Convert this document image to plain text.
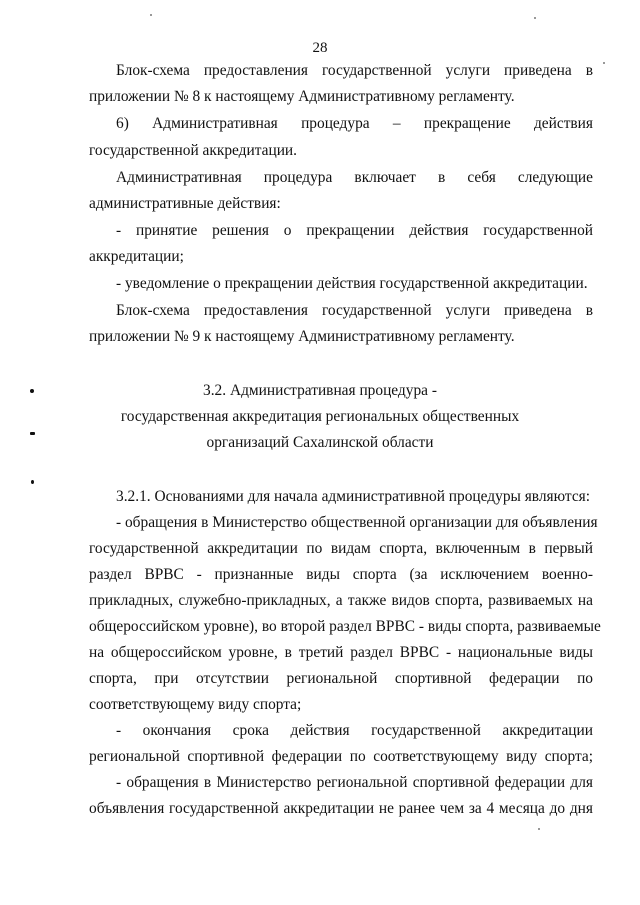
28
Блок-схема предоставления государственной услуги приведена в
приложении № 8 к настоящему Административному регламенту.
6) Административная процедура – прекращение действия
государственной аккредитации.
Административная процедура включает в себя следующие
административные действия:
- принятие решения о прекращении действия государственной
аккредитации;
- уведомление о прекращении действия государственной аккредитации.
Блок-схема предоставления государственной услуги приведена в
приложении № 9 к настоящему Административному регламенту.
3.2. Административная процедура -
государственная аккредитация региональных общественных
организаций Сахалинской области
3.2.1. Основаниями для начала административной процедуры являются:
- обращения в Министерство общественной организации для объявления
государственной аккредитации по видам спорта, включенным в первый
раздел ВРВС - признанные виды спорта (за исключением военно-
прикладных, служебно-прикладных, а также видов спорта, развиваемых на
общероссийском уровне), во второй раздел ВРВС - виды спорта, развиваемые
на общероссийском уровне, в третий раздел ВРВС - национальные виды
спорта, при отсутствии региональной спортивной федерации по
соответствующему виду спорта;
- окончания срока действия государственной аккредитации
региональной спортивной федерации по соответствующему виду спорта;
- обращения в Министерство региональной спортивной федерации для
объявления государственной аккредитации не ранее чем за 4 месяца до дня
